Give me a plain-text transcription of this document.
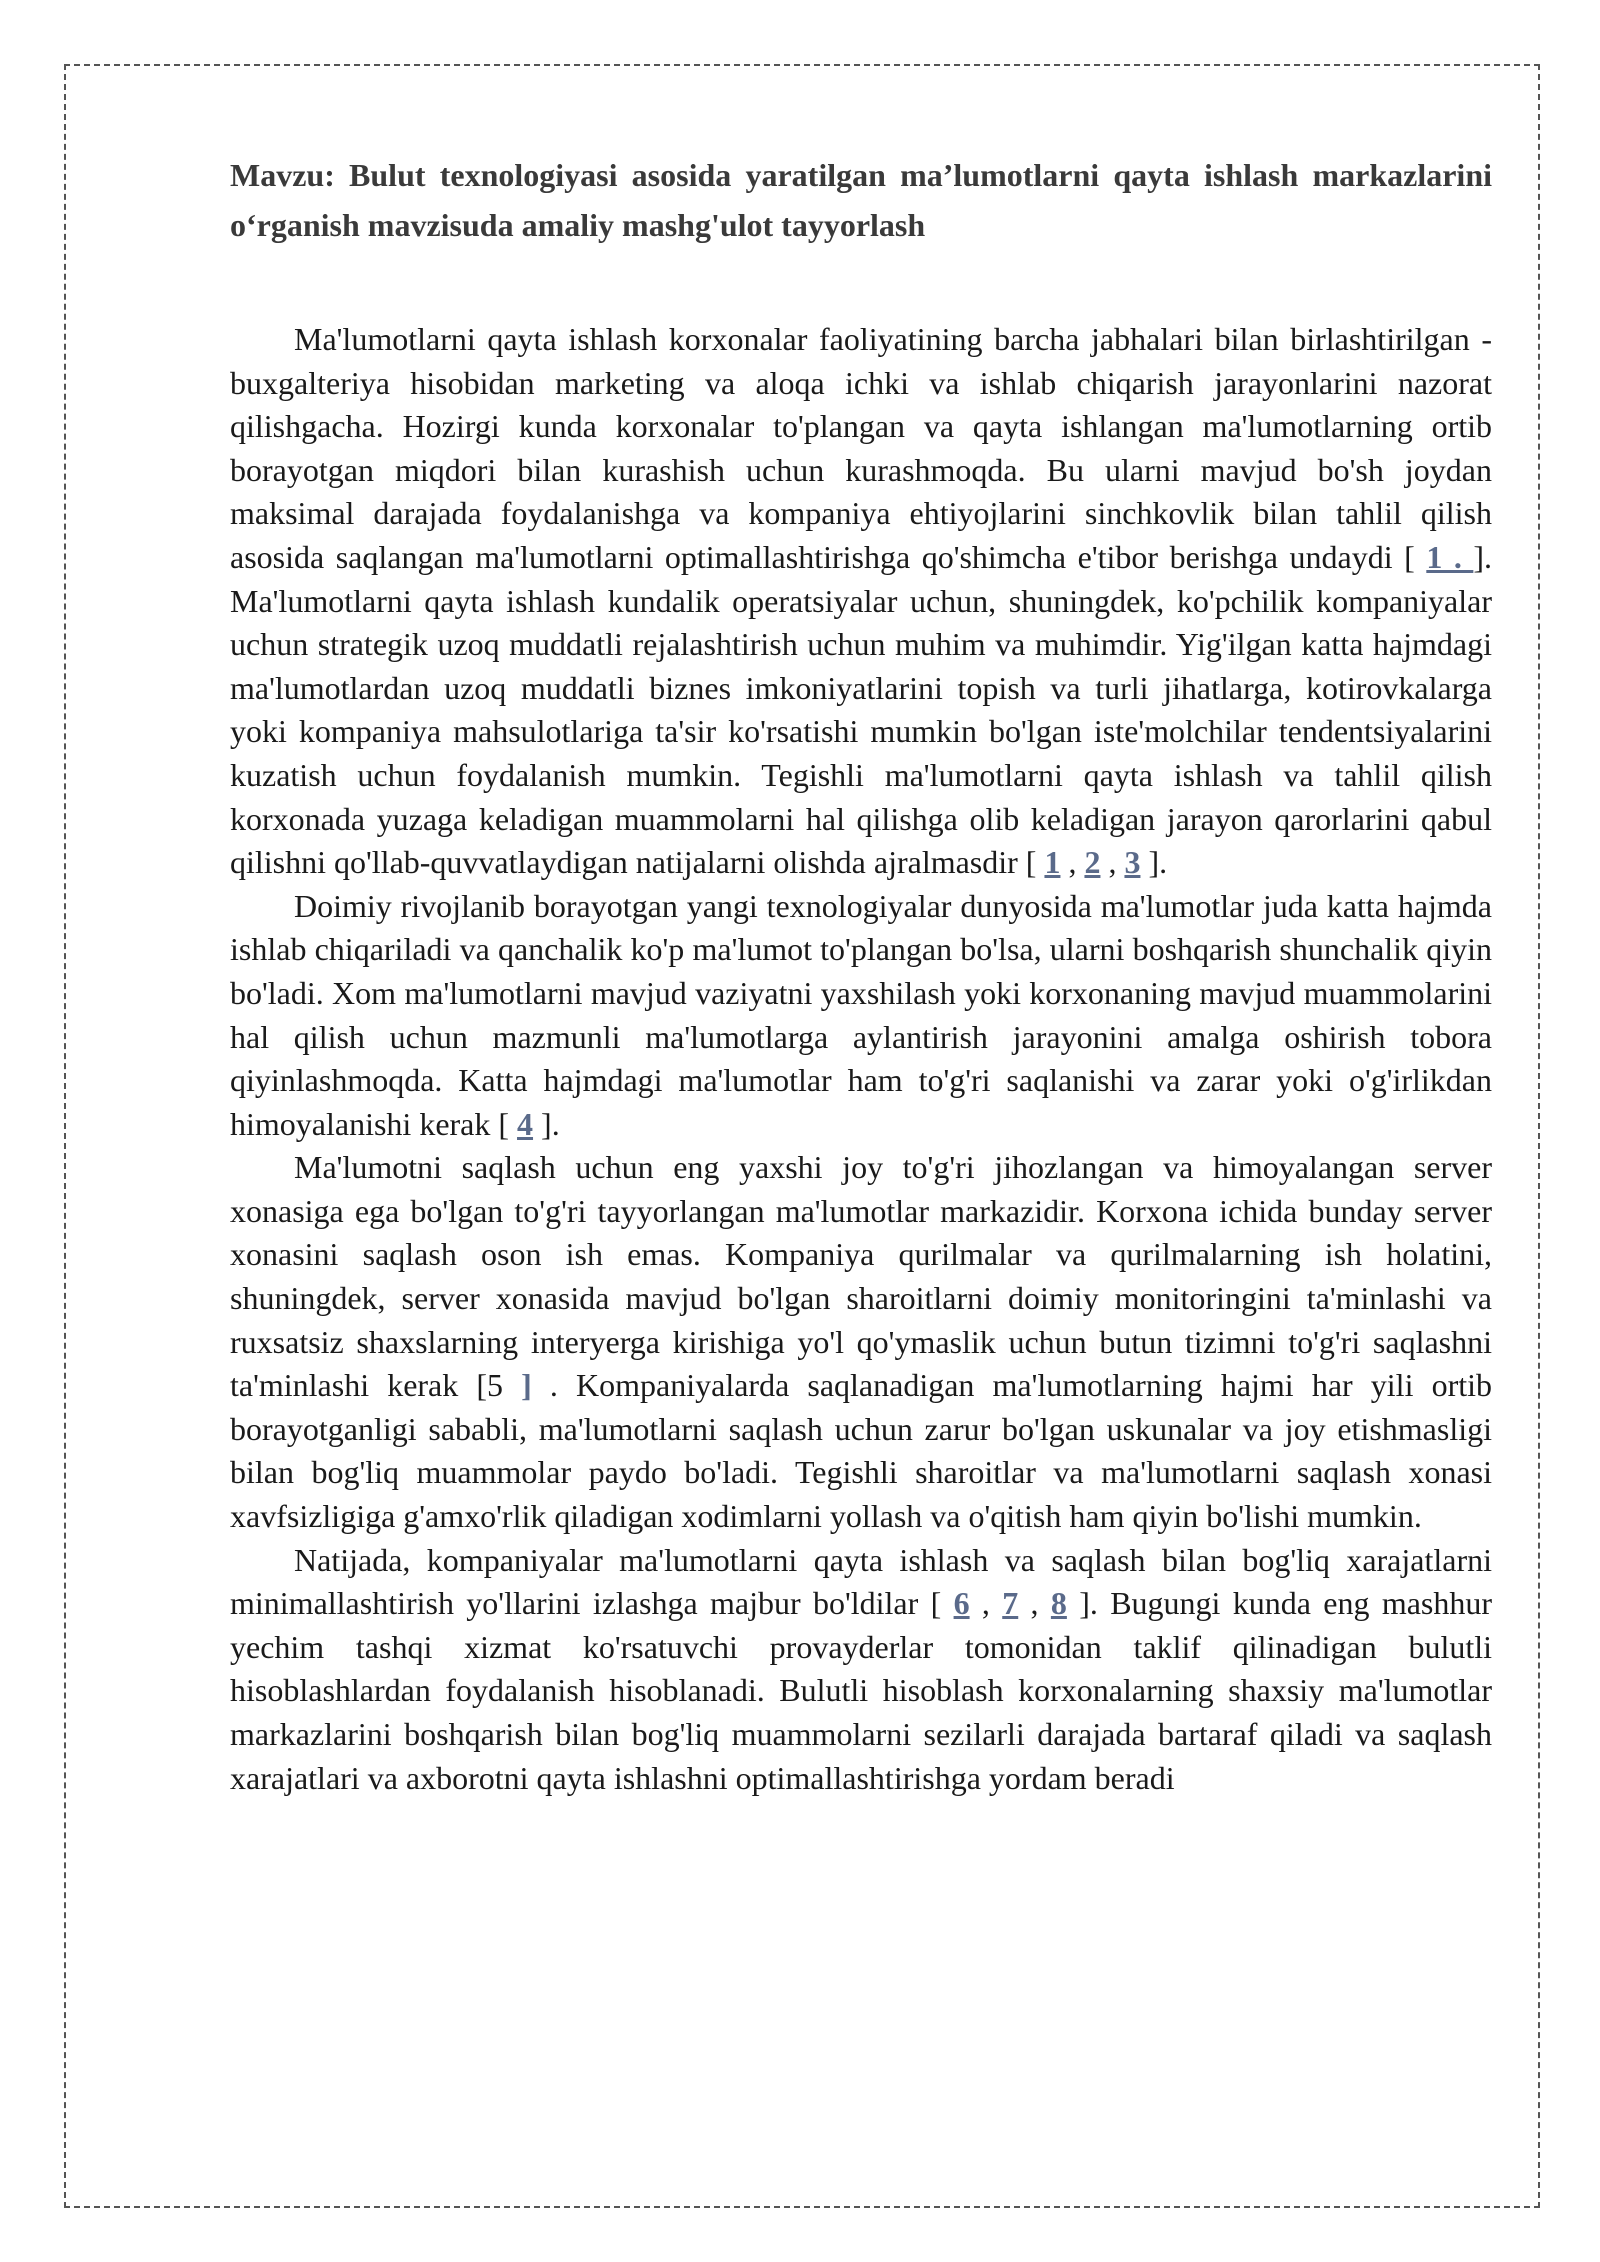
Mavzu: Bulut texnologiyasi asosida yaratilgan ma’lumotlarni qayta ishlash markazlarini o‘rganish mavzisuda amaliy mashg'ulot tayyorlash

Ma'lumotlarni qayta ishlash korxonalar faoliyatining barcha jabhalari bilan birlashtirilgan - buxgalteriya hisobidan marketing va aloqa ichki va ishlab chiqarish jarayonlarini nazorat qilishgacha. Hozirgi kunda korxonalar to'plangan va qayta ishlangan ma'lumotlarning ortib borayotgan miqdori bilan kurashish uchun kurashmoqda. Bu ularni mavjud bo'sh joydan maksimal darajada foydalanishga va kompaniya ehtiyojlarini sinchkovlik bilan tahlil qilish asosida saqlangan ma'lumotlarni optimallashtirishga qo'shimcha e'tibor berishga undaydi [ 1 . ]. Ma'lumotlarni qayta ishlash kundalik operatsiyalar uchun, shuningdek, ko'pchilik kompaniyalar uchun strategik uzoq muddatli rejalashtirish uchun muhim va muhimdir. Yig'ilgan katta hajmdagi ma'lumotlardan uzoq muddatli biznes imkoniyatlarini topish va turli jihatlarga, kotirovkalarga yoki kompaniya mahsulotlariga ta'sir ko'rsatishi mumkin bo'lgan iste'molchilar tendentsiyalarini kuzatish uchun foydalanish mumkin. Tegishli ma'lumotlarni qayta ishlash va tahlil qilish korxonada yuzaga keladigan muammolarni hal qilishga olib keladigan jarayon qarorlarini qabul qilishni qo'llab-quvvatlaydigan natijalarni olishda ajralmasdir [ 1 , 2 , 3 ].

Doimiy rivojlanib borayotgan yangi texnologiyalar dunyosida ma'lumotlar juda katta hajmda ishlab chiqariladi va qanchalik ko'p ma'lumot to'plangan bo'lsa, ularni boshqarish shunchalik qiyin bo'ladi. Xom ma'lumotlarni mavjud vaziyatni yaxshilash yoki korxonaning mavjud muammolarini hal qilish uchun mazmunli ma'lumotlarga aylantirish jarayonini amalga oshirish tobora qiyinlashmoqda. Katta hajmdagi ma'lumotlar ham to'g'ri saqlanishi va zarar yoki o'g'irlikdan himoyalanishi kerak [ 4 ].

Ma'lumotni saqlash uchun eng yaxshi joy to'g'ri jihozlangan va himoyalangan server xonasiga ega bo'lgan to'g'ri tayyorlangan ma'lumotlar markazidir. Korxona ichida bunday server xonasini saqlash oson ish emas. Kompaniya qurilmalar va qurilmalarning ish holatini, shuningdek, server xonasida mavjud bo'lgan sharoitlarni doimiy monitoringini ta'minlashi va ruxsatsiz shaxslarning interyerga kirishiga yo'l qo'ymaslik uchun butun tizimni to'g'ri saqlashni ta'minlashi kerak [5 ] . Kompaniyalarda saqlanadigan ma'lumotlarning hajmi har yili ortib borayotganligi sababli, ma'lumotlarni saqlash uchun zarur bo'lgan uskunalar va joy etishmasligi bilan bog'liq muammolar paydo bo'ladi. Tegishli sharoitlar va ma'lumotlarni saqlash xonasi xavfsizligiga g'amxo'rlik qiladigan xodimlarni yollash va o'qitish ham qiyin bo'lishi mumkin.

Natijada, kompaniyalar ma'lumotlarni qayta ishlash va saqlash bilan bog'liq xarajatlarni minimallashtirish yo'llarini izlashga majbur bo'ldilar [ 6 , 7 , 8 ]. Bugungi kunda eng mashhur yechim tashqi xizmat ko'rsatuvchi provayderlar tomonidan taklif qilinadigan bulutli hisoblashlardan foydalanish hisoblanadi. Bulutli hisoblash korxonalarning shaxsiy ma'lumotlar markazlarini boshqarish bilan bog'liq muammolarni sezilarli darajada bartaraf qiladi va saqlash xarajatlari va axborotni qayta ishlashni optimallashtirishga yordam beradi
